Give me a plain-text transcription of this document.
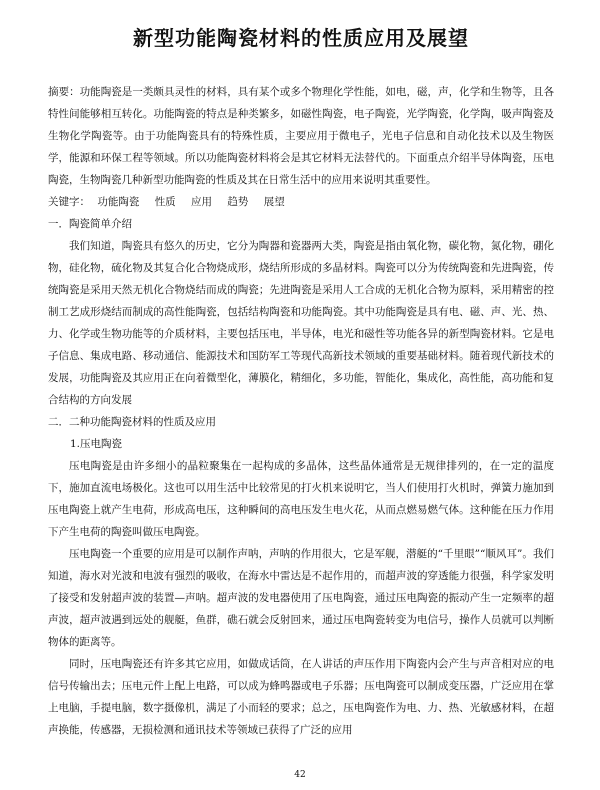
新型功能陶瓷材料的性质应用及展望

摘要：功能陶瓷是一类颇具灵性的材料，具有某个或多个物理化学性能，如电，磁，声，化学和生物等，且各特性间能够相互转化。功能陶瓷的特点是种类繁多，如磁性陶瓷，电子陶瓷，光学陶瓷，化学陶，吸声陶瓷及生物化学陶瓷等。由于功能陶瓷具有的特殊性质，主要应用于微电子，光电子信息和自动化技术以及生物医学，能源和环保工程等领域。所以功能陶瓷材料将会是其它材料无法替代的。下面重点介绍半导体陶瓷，压电陶瓷，生物陶瓷几种新型功能陶瓷的性质及其在日常生活中的应用来说明其重要性。

关键字： 功能陶瓷 性质 应用 趋势 展望

一．陶瓷简单介绍

我们知道，陶瓷具有悠久的历史，它分为陶器和瓷器两大类，陶瓷是指由氧化物，碳化物，氮化物，硼化物，硅化物，硫化物及其复合化合物烧成形，烧结所形成的多晶材料。陶瓷可以分为传统陶瓷和先进陶瓷，传统陶瓷是采用天然无机化合物烧结而成的陶瓷；先进陶瓷是采用人工合成的无机化合物为原料，采用精密的控制工艺成形烧结而制成的高性能陶瓷，包括结构陶瓷和功能陶瓷。其中功能陶瓷是具有电、磁、声、光、热、力、化学或生物功能等的介质材料，主要包括压电，半导体，电光和磁性等功能各异的新型陶瓷材料。它是电子信息、集成电路、移动通信、能源技术和国防军工等现代高新技术领域的重要基础材料。随着现代新技术的发展，功能陶瓷及其应用正在向着微型化，薄膜化，精细化，多功能，智能化，集成化，高性能，高功能和复合结构的方向发展

二．二种功能陶瓷材料的性质及应用

1.压电陶瓷

压电陶瓷是由许多细小的晶粒聚集在一起构成的多晶体，这些晶体通常是无规律排列的，在一定的温度下，施加直流电场极化。这也可以用生活中比较常见的打火机来说明它，当人们使用打火机时，弹簧力施加到压电陶瓷上就产生电荷，形成高电压，这种瞬间的高电压发生电火花，从而点燃易燃气体。这种能在压力作用下产生电荷的陶瓷叫做压电陶瓷。

压电陶瓷一个重要的应用是可以制作声呐，声呐的作用很大，它是军舰，潜艇的“千里眼”“顺风耳”。我们知道，海水对光波和电波有强烈的吸收，在海水中雷达是不起作用的，而超声波的穿透能力很强，科学家发明了接受和发射超声波的装置—声呐。超声波的发电器使用了压电陶瓷，通过压电陶瓷的振动产生一定频率的超声波，超声波遇到远处的舰艇，鱼群，礁石就会反射回来，通过压电陶瓷转变为电信号，操作人员就可以判断物体的距离等。

同时，压电陶瓷还有许多其它应用，如做成话筒，在人讲话的声压作用下陶瓷内会产生与声音相对应的电信号传输出去；压电元件上配上电路，可以成为蜂鸣器或电子乐器；压电陶瓷可以制成变压器，广泛应用在掌上电脑，手提电脑，数字摄像机，满足了小而轻的要求；总之，压电陶瓷作为电、力、热、光敏感材料，在超声换能，传感器，无损检测和通讯技术等领域已获得了广泛的应用

42
